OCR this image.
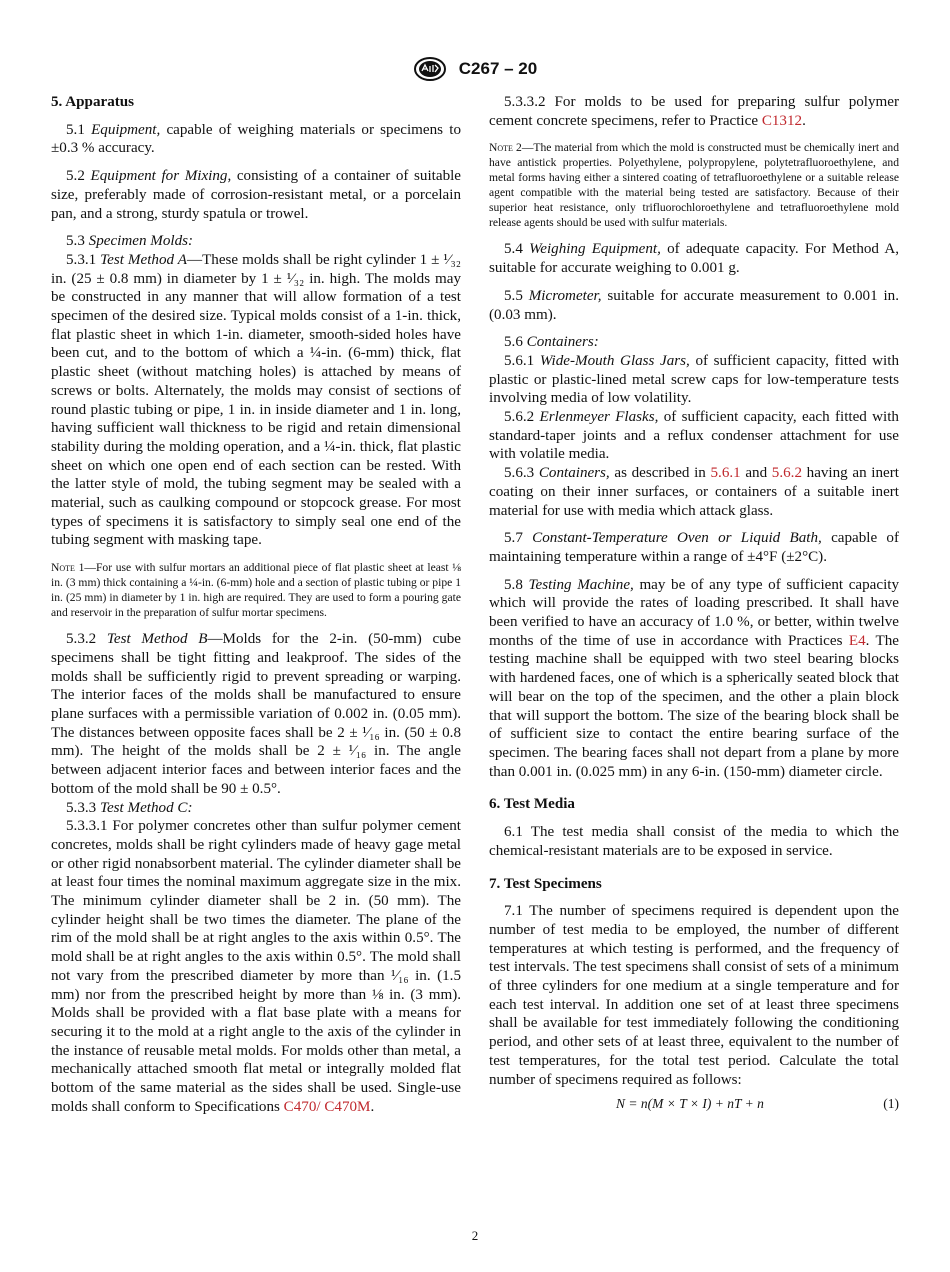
C267 – 20
5. Apparatus

5.1 Equipment, capable of weighing materials or specimens to ±0.3 % accuracy.

5.2 Equipment for Mixing, consisting of a container of suitable size, preferably made of corrosion-resistant metal, or a porcelain pan, and a strong, sturdy spatula or trowel.

5.3 Specimen Molds:

5.3.1 Test Method A—These molds shall be right cylinder 1 ± ¹⁄₃₂ in. (25 ± 0.8 mm) in diameter by 1 ± ¹⁄₃₂ in. high. The molds may be constructed in any manner that will allow formation of a test specimen of the desired size. Typical molds consist of a 1-in. thick, flat plastic sheet in which 1-in. diameter, smooth-sided holes have been cut, and to the bottom of which a ¼-in. (6-mm) thick, flat plastic sheet (without matching holes) is attached by means of screws or bolts. Alternately, the molds may consist of sections of round plastic tubing or pipe, 1 in. in inside diameter and 1 in. long, having sufficient wall thickness to be rigid and retain dimensional stability during the molding operation, and a ¼-in. thick, flat plastic sheet on which one open end of each section can be rested. With the latter style of mold, the tubing segment may be sealed with a material, such as caulking compound or stopcock grease. For most types of specimens it is satisfactory to simply seal one end of the tubing segment with masking tape.

Note 1—For use with sulfur mortars an additional piece of flat plastic sheet at least ⅛ in. (3 mm) thick containing a ¼-in. (6-mm) hole and a section of plastic tubing or pipe 1 in. (25 mm) in diameter by 1 in. high are required. They are used to form a pouring gate and reservoir in the preparation of sulfur mortar specimens.

5.3.2 Test Method B—Molds for the 2-in. (50-mm) cube specimens shall be tight fitting and leakproof. The sides of the molds shall be sufficiently rigid to prevent spreading or warping. The interior faces of the molds shall be manufactured to ensure plane surfaces with a permissible variation of 0.002 in. (0.05 mm). The distances between opposite faces shall be 2 ± ¹⁄₁₆ in. (50 ± 0.8 mm). The height of the molds shall be 2 ± ¹⁄₁₆ in. The angle between adjacent interior faces and between interior faces and the bottom of the mold shall be 90 ± 0.5°.

5.3.3 Test Method C:

5.3.3.1 For polymer concretes other than sulfur polymer cement concretes, molds shall be right cylinders made of heavy gage metal or other rigid nonabsorbent material. The cylinder diameter shall be at least four times the nominal maximum aggregate size in the mix. The minimum cylinder diameter shall be 2 in. (50 mm). The cylinder height shall be two times the diameter. The plane of the rim of the mold shall be at right angles to the axis within 0.5°. The mold shall be at right angles to the axis within 0.5°. The mold shall not vary from the prescribed diameter by more than ¹⁄₁₆ in. (1.5 mm) nor from the prescribed height by more than ⅛ in. (3 mm). Molds shall be provided with a flat base plate with a means for securing it to the mold at a right angle to the axis of the cylinder in the instance of reusable metal molds. For molds other than metal, a mechanically attached smooth flat metal or integrally molded flat bottom of the same material as the sides shall be used. Single-use molds shall conform to Specifications C470/ C470M.

5.3.3.2 For molds to be used for preparing sulfur polymer cement concrete specimens, refer to Practice C1312.

Note 2—The material from which the mold is constructed must be chemically inert and have antistick properties. Polyethylene, polypropylene, polytetrafluoroethylene, and metal forms having either a sintered coating of tetrafluoroethylene or a suitable release agent compatible with the material being tested are satisfactory. Because of their superior heat resistance, only trifluorochloroethylene and tetrafluoroethylene mold release agents should be used with sulfur materials.

5.4 Weighing Equipment, of adequate capacity. For Method A, suitable for accurate weighing to 0.001 g.

5.5 Micrometer, suitable for accurate measurement to 0.001 in. (0.03 mm).

5.6 Containers:

5.6.1 Wide-Mouth Glass Jars, of sufficient capacity, fitted with plastic or plastic-lined metal screw caps for low-temperature tests involving media of low volatility.

5.6.2 Erlenmeyer Flasks, of sufficient capacity, each fitted with standard-taper joints and a reflux condenser attachment for use with volatile media.

5.6.3 Containers, as described in 5.6.1 and 5.6.2 having an inert coating on their inner surfaces, or containers of a suitable inert material for use with media which attack glass.

5.7 Constant-Temperature Oven or Liquid Bath, capable of maintaining temperature within a range of ±4°F (±2°C).

5.8 Testing Machine, may be of any type of sufficient capacity which will provide the rates of loading prescribed. It shall have been verified to have an accuracy of 1.0 %, or better, within twelve months of the time of use in accordance with Practices E4. The testing machine shall be equipped with two steel bearing blocks with hardened faces, one of which is a spherically seated block that will bear on the top of the specimen, and the other a plain block that will support the bottom. The size of the bearing block shall be of sufficient size to contact the entire bearing surface of the specimen. The bearing faces shall not depart from a plane by more than 0.001 in. (0.025 mm) in any 6-in. (150-mm) diameter circle.

6. Test Media

6.1 The test media shall consist of the media to which the chemical-resistant materials are to be exposed in service.

7. Test Specimens

7.1 The number of specimens required is dependent upon the number of test media to be employed, the number of different temperatures at which testing is performed, and the frequency of test intervals. The test specimens shall consist of sets of a minimum of three cylinders for one medium at a single temperature and for each test interval. In addition one set of at least three specimens shall be available for test immediately following the conditioning period, and other sets of at least three, equivalent to the number of test temperatures, for the total test period. Calculate the total number of specimens required as follows:

N = n(M × T × I) + nT + n	(1)
2
